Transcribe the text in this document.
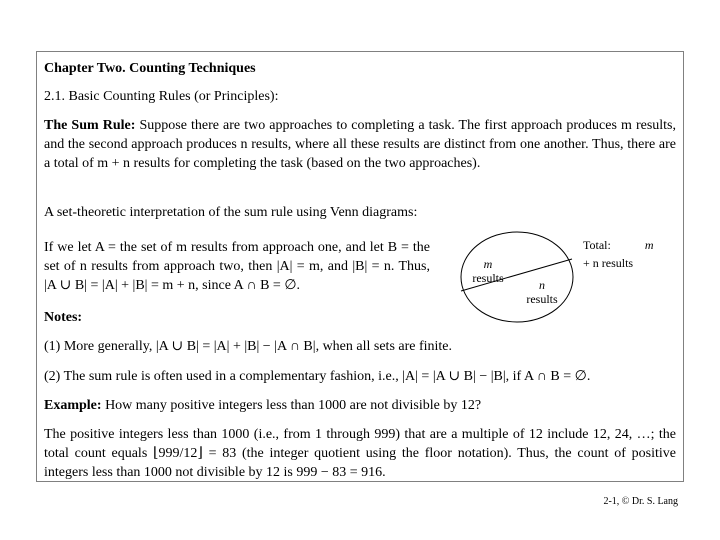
Chapter Two. Counting Techniques
2.1. Basic Counting Rules (or Principles):
The Sum Rule: Suppose there are two approaches to completing a task. The first approach produces m results, and the second approach produces n results, where all these results are distinct from one another. Thus, there are a total of m + n results for completing the task (based on the two approaches).
A set-theoretic interpretation of the sum rule using Venn diagrams:
If we let A = the set of m results from approach one, and let B = the set of n results from approach two, then |A| = m, and |B| = n. Thus, |A ∪ B| = |A| + |B| = m + n, since A ∩ B = ∅.
m
results	n
results
Total:	m
+ n results
Notes:
(1) More generally, |A ∪ B| = |A| + |B| − |A ∩ B|, when all sets are finite.
(2) The sum rule is often used in a complementary fashion, i.e., |A| = |A ∪ B| − |B|, if A ∩ B = ∅.
Example: How many positive integers less than 1000 are not divisible by 12?
The positive integers less than 1000 (i.e., from 1 through 999) that are a multiple of 12 include 12, 24, …; the total count equals ⌊999/12⌋ = 83 (the integer quotient using the floor notation). Thus, the count of positive integers less than 1000 not divisible by 12 is 999 − 83 = 916.
2-1, © Dr. S. Lang
